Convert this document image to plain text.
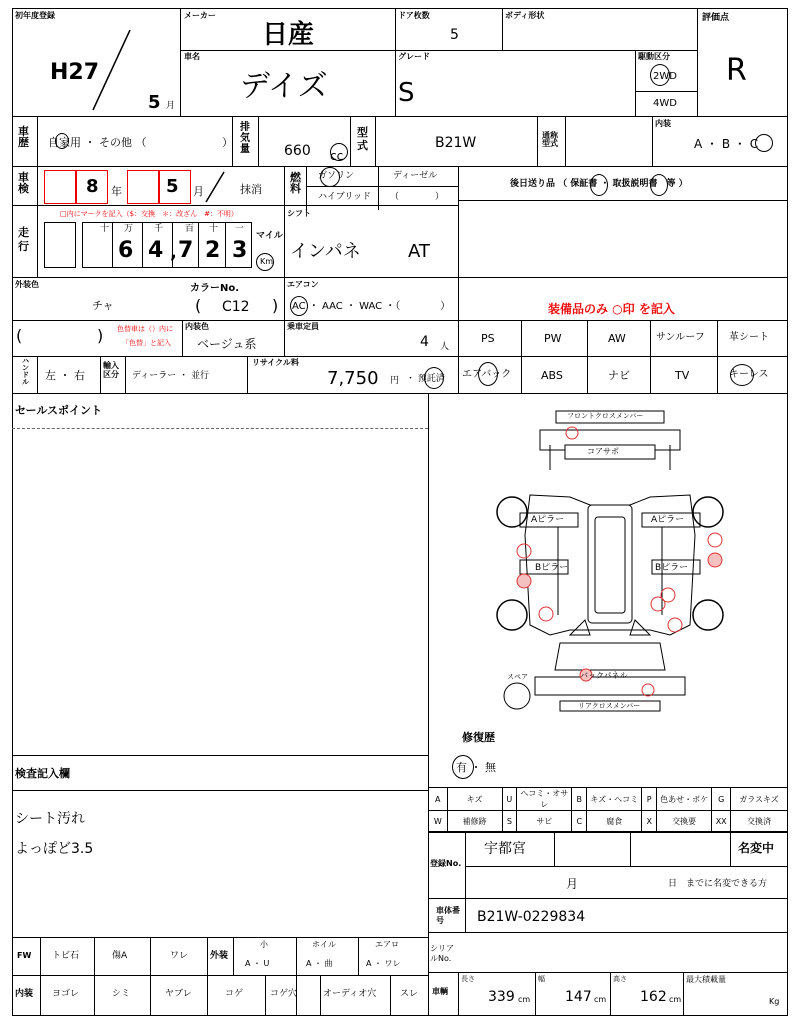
初年度登録
H27
5 月
メーカー
日産
ドア枚数
5
ボディ形状	評価点
R
車名
デイズ
グレード
S
駆動区分
2WD
4WD
車歴 自家用 ・ その他 （	）
排気量 660 cc
型式	B21W	通称型式
内装
A ・ B ・ C
車検	8 年 5 月	抹消
燃料
ガソリン	ディーゼル
ハイブリッド （　　　　）
後日送り品 （ 保証書 ・ 取扱説明書　等 ）
走行
□内にマークを記入（$：交換　＊：改ざん　#：不明）
十 万 千 百 十 一
6 4 , 7 2 3
マイル
Km
シフト
インパネ	AT
外装色
チャ
カラーNo.
( C12 )
エアコン
AC ・ AAC ・ WAC ・（　　　　）	装備品のみ ○印 を記入
(	) 色替車は（）内に
「色替」と記入
内装色
ベージュ系
乗車定員
4 人
PS	PW	AW	サンルーフ 革シート
エアバック	ABS	ナビ	TV	キーレス
ハンドル 左 ・ 右
輸入区分 ディーラー ・ 並行
リサイクル料
7,750 円 ・ 預託済
セールスポイント
検査記入欄
シート汚れ
よっぽど3.5
フロントクロスメンバー
コアサポ
Aピラー	Aピラー
Bピラー	Bピラー
スペア	バックパネル
リアクロスメンバー
修復歴
有 ・ 無
A	キズ	U	ヘコミ・オサレ	B	キズ・ヘコミ	P	色あせ・ボケ	G	ガラスキズ
W	補修跡	S	サビ	C	腐食	X	交換要	XX	交換済
登録No.
宇都宮	名変中
月	日　までに名変できる方
車体番号	B21W-0229834
シリアルNo.
車輌
長さ
339 cm
幅
147 cm
高さ
162 cm
最大積載量
Kg
FW トビ石	傷A	ワレ 外装
小
A ・ U
ホイル
A ・ 曲
エアロ
A ・ ワレ
内装 ヨゴレ	シミ	ヤブレ	コゲ	コゲ穴	オーディオ穴	スレ
